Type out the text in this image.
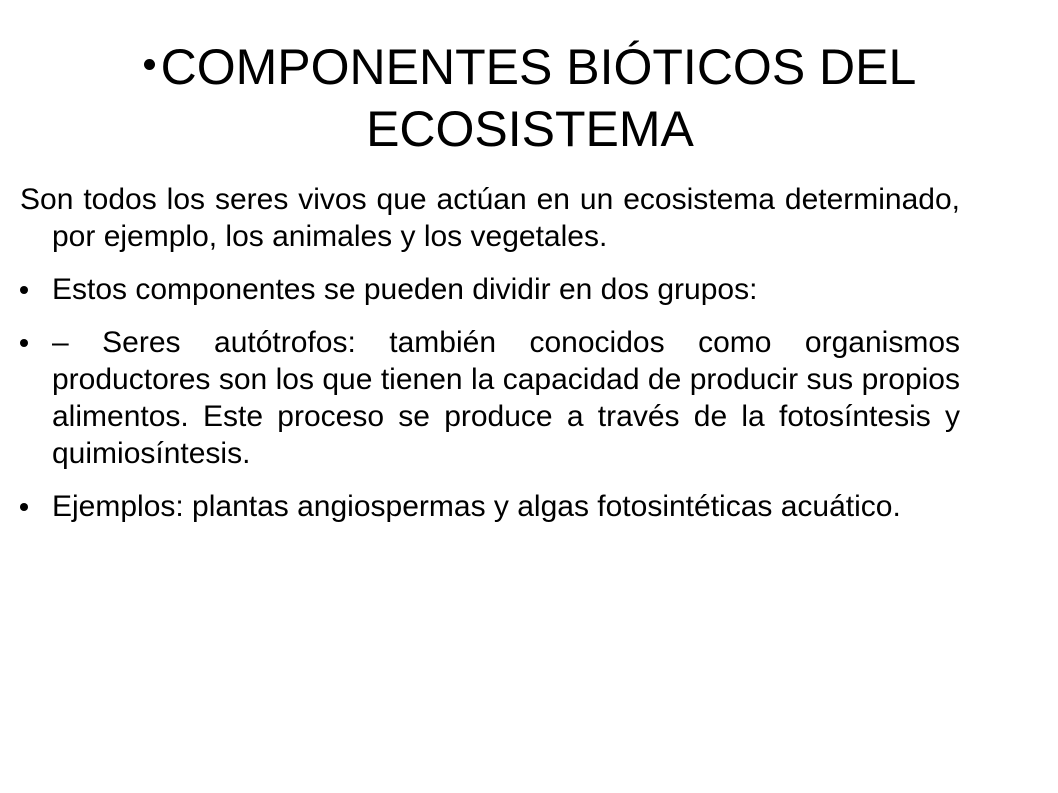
COMPONENTES BIÓTICOS DEL ECOSISTEMA

Son todos los seres vivos que actúan en un ecosistema determinado, por ejemplo, los animales y los vegetales.

Estos componentes se pueden dividir en dos grupos:
– Seres autótrofos: también conocidos como organismos productores son los que tienen la capacidad de producir sus propios alimentos. Este proceso se produce a través de la fotosíntesis y quimiosíntesis.
Ejemplos: plantas angiospermas y algas fotosintéticas acuático.
